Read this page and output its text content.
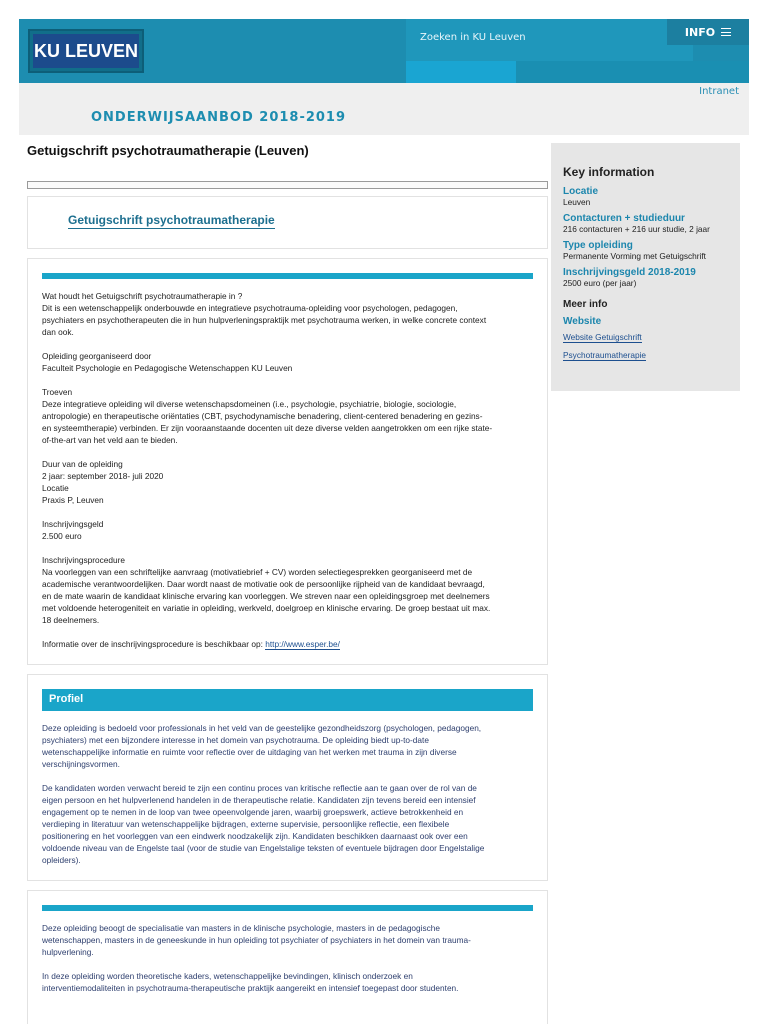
KU LEUVEN
Zoeken in KU Leuven	INFO
Intranet
ONDERWIJSAANBOD 2018-2019
Getuigschrift psychotraumatherapie (Leuven)
Getuigschrift psychotraumatherapie

Wat houdt het Getuigschrift psychotraumatherapie in ?

Dit is een wetenschappelijk onderbouwde en integratieve psychotrauma-opleiding voor psychologen, pedagogen,

psychiaters en psychotherapeuten die in hun hulpverleningspraktijk met psychotrauma werken, in welke concrete context

dan ook.

Opleiding georganiseerd door

Faculteit Psychologie en Pedagogische Wetenschappen KU Leuven

Troeven

Deze integratieve opleiding wil diverse wetenschapsdomeinen (i.e., psychologie, psychiatrie, biologie, sociologie,

antropologie) en therapeutische oriëntaties (CBT, psychodynamische benadering, client-centered benadering en gezins-

en systeemtherapie) verbinden. Er zijn vooraanstaande docenten uit deze diverse velden aangetrokken om een rijke state-

of-the-art van het veld aan te bieden.

Duur van de opleiding

2 jaar: september 2018- juli 2020

Locatie

Praxis P, Leuven

Inschrijvingsgeld

2.500 euro

Inschrijvingsprocedure

Na voorleggen van een schriftelijke aanvraag (motivatiebrief + CV) worden selectiegesprekken georganiseerd met de

academische verantwoordelijken. Daar wordt naast de motivatie ook de persoonlijke rijpheid van de kandidaat bevraagd,

en de mate waarin de kandidaat klinische ervaring kan voorleggen. We streven naar een opleidingsgroep met deelnemers

met voldoende heterogeniteit en variatie in opleiding, werkveld, doelgroep en klinische ervaring. De groep bestaat uit max.

18 deelnemers.

Informatie over de inschrijvingsprocedure is beschikbaar op: http://www.esper.be/

Profiel

Deze opleiding is bedoeld voor professionals in het veld van de geestelijke gezondheidszorg (psychologen, pedagogen,

psychiaters) met een bijzondere interesse in het domein van psychotrauma. De opleiding biedt up-to-date

wetenschappelijke informatie en ruimte voor reflectie over de uitdaging van het werken met trauma in zijn diverse

verschijningsvormen.

De kandidaten worden verwacht bereid te zijn een continu proces van kritische reflectie aan te gaan over de rol van de

eigen persoon en het hulpverlenend handelen in de therapeutische relatie. Kandidaten zijn tevens bereid een intensief

engagement op te nemen in de loop van twee opeenvolgende jaren, waarbij groepswerk, actieve betrokkenheid en

verdieping in literatuur van wetenschappelijke bijdragen, externe supervisie, persoonlijke reflectie, een flexibele

positionering en het voorleggen van een eindwerk noodzakelijk zijn. Kandidaten beschikken daarnaast ook over een

voldoende niveau van de Engelste taal (voor de studie van Engelstalige teksten of eventuele bijdragen door Engelstalige

opleiders).

Deze opleiding beoogt de specialisatie van masters in de klinische psychologie, masters in de pedagogische

wetenschappen, masters in de geneeskunde in hun opleiding tot psychiater of psychiaters in het domein van trauma-

hulpverlening.

In deze opleiding worden theoretische kaders, wetenschappelijke bevindingen, klinisch onderzoek en

interventiemodaliteiten in psychotrauma-therapeutische praktijk aangereikt en intensief toegepast door studenten.

Key information
Locatie
Leuven
Contacturen + studieduur
216 contacturen + 216 uur studie, 2 jaar
Type opleiding
Permanente Vorming met Getuigschrift
Inschrijvingsgeld 2018-2019
2500 euro (per jaar)
Meer info
Website
Website Getuigschrift
Psychotraumatherapie
